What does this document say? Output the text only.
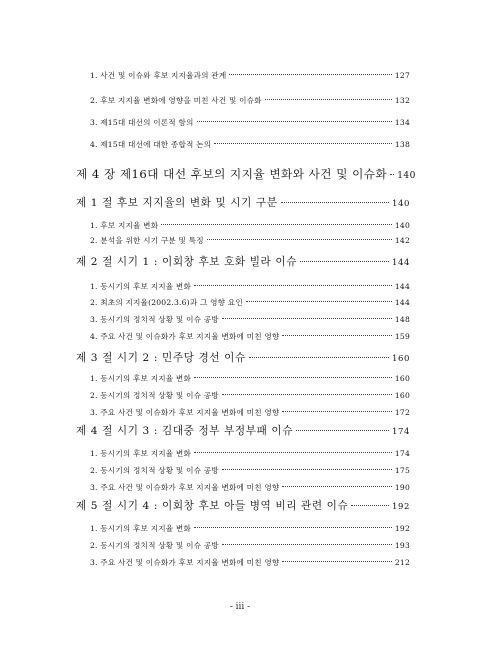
1. 사건 및 이슈와 후보 지지율과의 관계	127
2. 후보 지지율 변화에 영향을 미친 사건 및 이슈화	132
3. 제15대 대선의 이론적 함의	134
4. 제15대 대선에 대한 종합적 논의	138
제 4 장 제16대 대선 후보의 지지율 변화와 사건 및 이슈화 140
제 1 절 후보 지지율의 변화 및 시기 구분	140
1. 후보 지지율 변화	140
2. 분석을 위한 시기 구분 및 특징	142
제 2 절 시기 1 : 이회창 후보 호화 빌라 이슈	144
1. 동시기의 후보 지지율 변화	144
2. 최초의 지지율(2002.3.6)과 그 영향 요인	144
3. 동시기의 정치적 상황 및 이슈 공방	148
4. 주요 사건 및 이슈화가 후보 지지율 변화에 미친 영향	159
제 3 절 시기 2 : 민주당 경선 이슈	160
1. 동시기의 후보 지지율 변화	160
2. 동시기의 정치적 상황 및 이슈 공방	160
3. 주요 사건 및 이슈화가 후보 지지율 변화에 미친 영향	172
제 4 절 시기 3 : 김대중 정부 부정부패 이슈	174
1. 동시기의 후보 지지율 변화	174
2. 동시기의 정치적 상황 및 이슈 공방	175
3. 주요 사건 및 이슈화가 후보 지지율 변화에 미친 영향	190
제 5 절 시기 4 : 이회창 후보 아들 병역 비리 관련 이슈	192
1. 동시기의 후보 지지율 변화	192
2. 동시기의 정치적 상황 및 이슈 공방	193
3. 주요 사건 및 이슈화가 후보 지지율 변화에 미친 영향	212
- iii -
